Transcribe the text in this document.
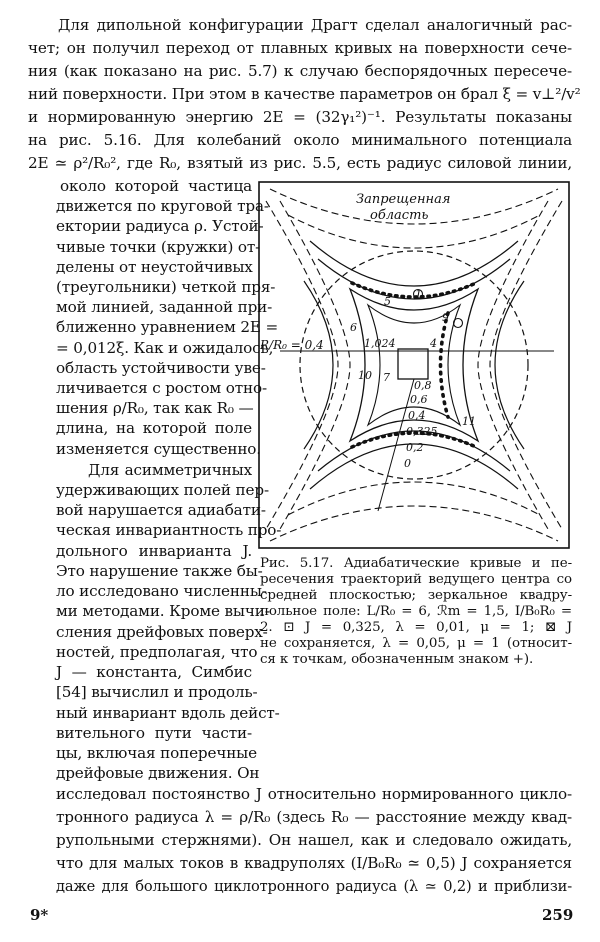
Для дипольной конфигурации Драгт сделал аналогичный рас-
чет; он получил переход от плавных кривых на поверхности сече-
ния (как показано на рис. 5.7) к случаю беспорядочных пересече-
ний поверхности. При этом в качестве параметров он брал ξ = v⊥²/v²
и нормированную энергию 2E = (32γ₁²)⁻¹. Результаты показаны
на рис. 5.16. Для колебаний около минимального потенциала
2E ≃ ρ²/R₀², где R₀, взятый из рис. 5.5, есть радиус силовой линии,
около которой частица
движется по круговой тра-
ектории радиуса ρ. Устой-
чивые точки (кружки) от-
делены от неустойчивых
(треугольники) четкой пря-
мой линией, заданной при-
ближенно уравнением 2E =
= 0,012ξ. Как и ожидалось,
область устойчивости уве-
личивается с ростом отно-
шения ρ/R₀, так как R₀ —
длина, на которой поле
изменяется существенно.
Для асимметричных
удерживающих полей пер-
вой нарушается адиабати-
ческая инвариантность про-
дольного инварианта J.
Это нарушение также бы-
ло исследовано численны-
ми методами. Кроме вычи-
сления дрейфовых поверх-
ностей, предполагая, что
J — константа, Симбис
[54] вычислил и продоль-
ный инвариант вдоль дейст-
вительного пути части-
цы, включая поперечные
дрейфовые движения. Он
Запрещенная
область
R/R₀ = 0,4
5
1
6
9
4
1,024
10 7
0,8
0,6
0,4
0,325
0,2
11
0
Рис. 5.17. Адиабатические кривые и пе-
ресечения траекторий ведущего центра со
средней плоскостью; зеркальное квадру-
польное поле: L/R₀ = 6, ℛm = 1,5, I/B₀R₀ =
2. ⊡ J = 0,325, λ = 0,01, μ = 1; ⊠ J
не сохраняется, λ = 0,05, μ = 1 (относит-
ся к точкам, обозначенным знаком +).
исследовал постоянство J относительно нормированного цикло-
тронного радиуса λ = ρ/R₀ (здесь R₀ — расстояние между квад-
рупольными стержнями). Он нашел, как и следовало ожидать,
что для малых токов в квадруполях (I/B₀R₀ ≃ 0,5) J сохраняется
даже для большого циклотронного радиуса (λ ≃ 0,2) и приблизи-
9*	259
